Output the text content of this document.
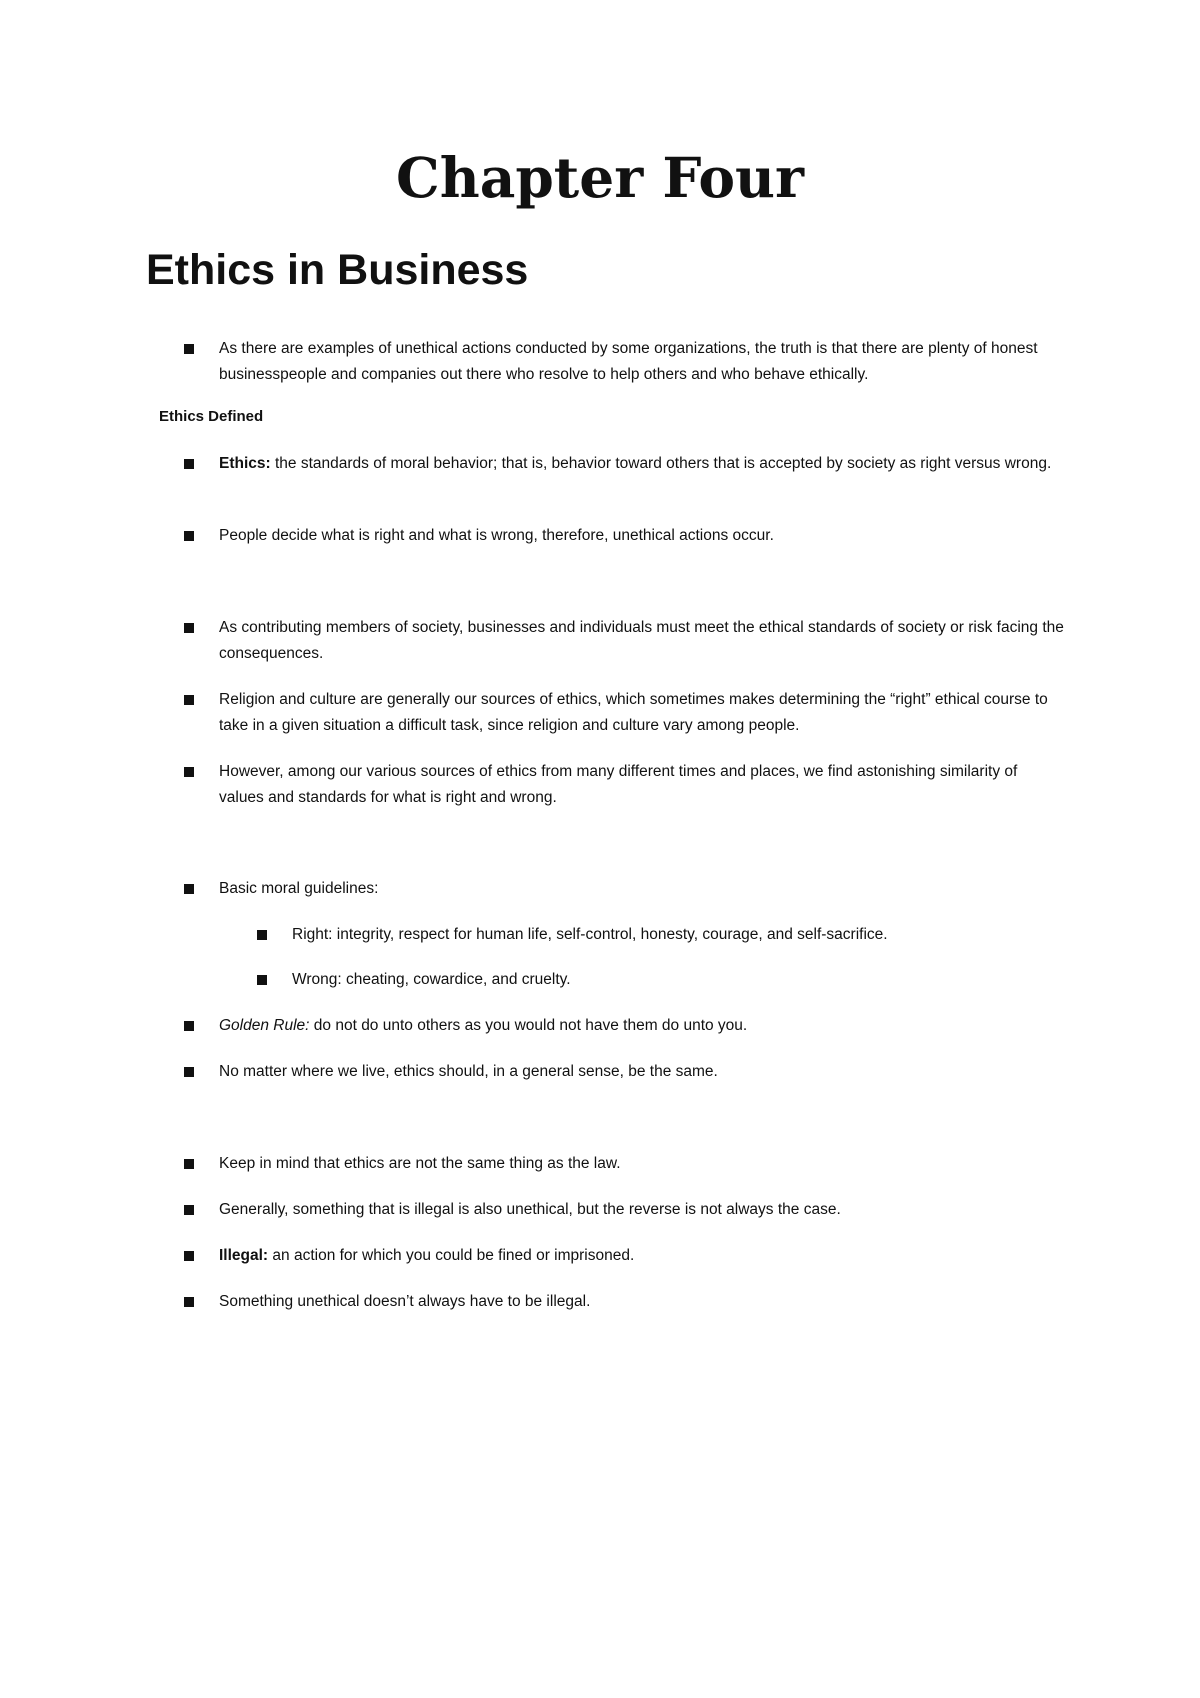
Chapter Four
Ethics in Business
As there are examples of unethical actions conducted by some organizations, the truth is that there are plenty of honest businesspeople and companies out there who resolve to help others and who behave ethically.
Ethics Defined
Ethics: the standards of moral behavior; that is, behavior toward others that is accepted by society as right versus wrong.
People decide what is right and what is wrong, therefore, unethical actions occur.
As contributing members of society, businesses and individuals must meet the ethical standards of society or risk facing the consequences.
Religion and culture are generally our sources of ethics, which sometimes makes determining the “right” ethical course to take in a given situation a difficult task, since religion and culture vary among people.
However, among our various sources of ethics from many different times and places, we find astonishing similarity of values and standards for what is right and wrong.
Basic moral guidelines:
Right: integrity, respect for human life, self-control, honesty, courage, and self-sacrifice.
Wrong: cheating, cowardice, and cruelty.
Golden Rule: do not do unto others as you would not have them do unto you.
No matter where we live, ethics should, in a general sense, be the same.
Keep in mind that ethics are not the same thing as the law.
Generally, something that is illegal is also unethical, but the reverse is not always the case.
Illegal: an action for which you could be fined or imprisoned.
Something unethical doesn’t always have to be illegal.
